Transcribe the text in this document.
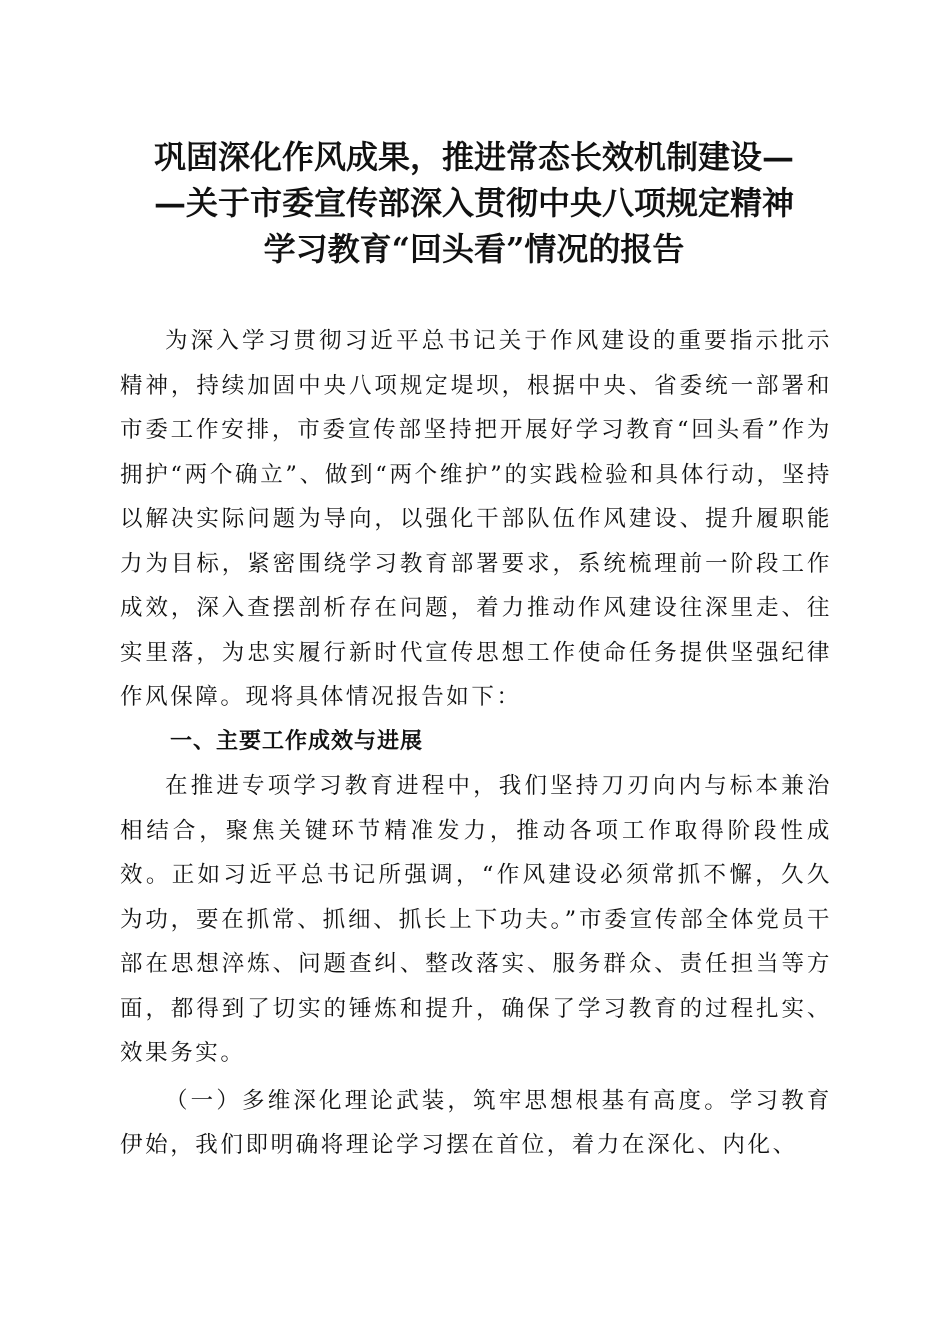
巩固深化作风成果，推进常态长效机制建设—
—关于市委宣传部深入贯彻中央八项规定精神
学习教育“回头看”情况的报告

为深入学习贯彻习近平总书记关于作风建设的重要指示批示精神，持续加固中央八项规定堤坝，根据中央、省委统一部署和市委工作安排，市委宣传部坚持把开展好学习教育“回头看”作为拥护“两个确立”、做到“两个维护”的实践检验和具体行动，坚持以解决实际问题为导向，以强化干部队伍作风建设、提升履职能力为目标，紧密围绕学习教育部署要求，系统梳理前一阶段工作成效，深入查摆剖析存在问题，着力推动作风建设往深里走、往实里落，为忠实履行新时代宣传思想工作使命任务提供坚强纪律作风保障。现将具体情况报告如下：

一、主要工作成效与进展

在推进专项学习教育进程中，我们坚持刀刃向内与标本兼治相结合，聚焦关键环节精准发力，推动各项工作取得阶段性成效。正如习近平总书记所强调，“作风建设必须常抓不懈，久久为功，要在抓常、抓细、抓长上下功夫。”市委宣传部全体党员干部在思想淬炼、问题查纠、整改落实、服务群众、责任担当等方面，都得到了切实的锤炼和提升，确保了学习教育的过程扎实、效果务实。

（一）多维深化理论武装，筑牢思想根基有高度。学习教育伊始，我们即明确将理论学习摆在首位，着力在深化、内化、
